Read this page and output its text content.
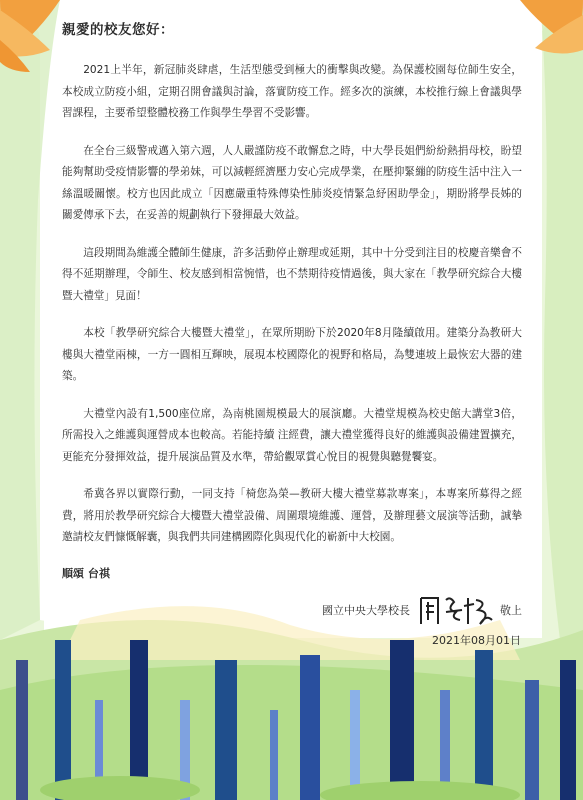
親愛的校友您好：

2021上半年，新冠肺炎肆虐，生活型態受到極大的衝擊與改變。為保護校園每位師生安全，本校成立防疫小組，定期召開會議與討論，落實防疫工作。經多次的演練，本校推行線上會議與學習課程，主要希望整體校務工作與學生學習不受影響。

在全台三級警戒邁入第六週，人人嚴謹防疫不敢懈怠之時，中大學長姐們紛紛熱捐母校，盼望能夠幫助受疫情影響的學弟妹，可以減輕經濟壓力安心完成學業，在壓抑緊繃的防疫生活中注入一絲溫暖關懷。校方也因此成立「因應嚴重特殊傳染性肺炎疫情緊急紓困助學金」，期盼將學長姊的關愛傳承下去，在妥善的規劃執行下發揮最大效益。

這段期間為維護全體師生健康，許多活動停止辦理或延期，其中十分受到注目的校慶音樂會不得不延期辦理，令師生、校友感到相當惋惜，也不禁期待疫情過後，與大家在「教學研究綜合大樓暨大禮堂」見面！

本校「教學研究綜合大樓暨大禮堂」，在眾所期盼下於2020年8月隆續啟用。建築分為教研大樓與大禮堂兩棟，一方一圓相互輝映，展現本校國際化的視野和格局，為雙連坡上最恢宏大器的建築。

大禮堂內設有1,500座位席，為南桃園規模最大的展演廳。大禮堂規模為校史館大講堂3倍，所需投入之維護與運營成本也較高。若能持續 注經費，讓大禮堂獲得良好的維護與設備建置擴充，更能充分發揮效益，提升展演品質及水準，帶給觀眾賞心悅目的視覺與聽覺饗宴。

希冀各界以實際行動，一同支持「椅您為榮—教研大樓大禮堂募款專案」，本專案所募得之經費，將用於教學研究綜合大樓暨大禮堂設備、周圍環境維護、運營，及辦理藝文展演等活動，誠摯邀請校友們慷慨解囊，與我們共同建構國際化與現代化的嶄新中大校園。

順頌 台祺
國立中央大學校長	敬上
2021年08月01日
